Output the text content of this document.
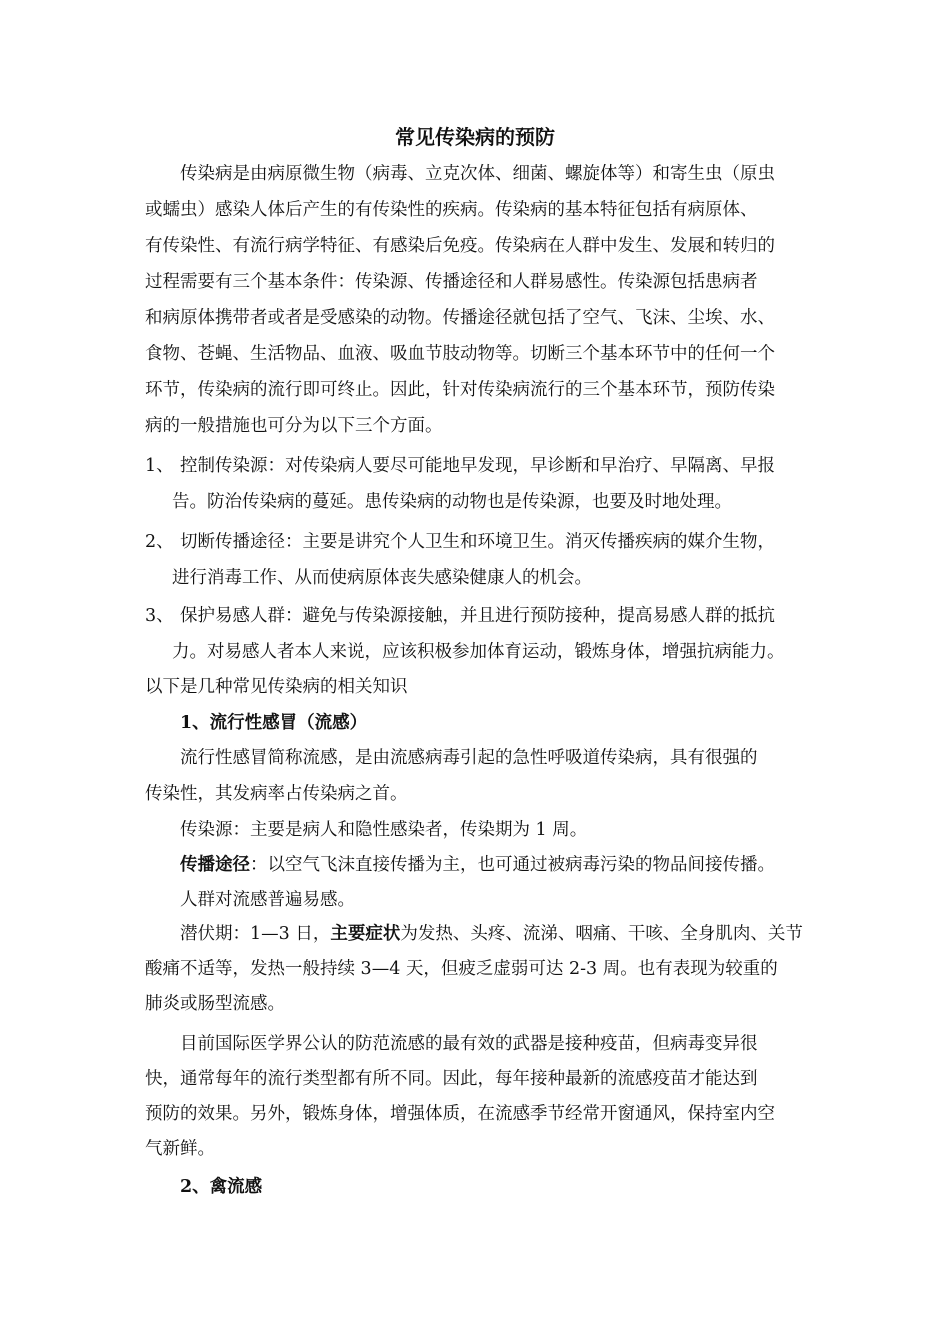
常见传染病的预防
传染病是由病原微生物（病毒、立克次体、细菌、螺旋体等）和寄生虫（原虫
或蠕虫）感染人体后产生的有传染性的疾病。传染病的基本特征包括有病原体、
有传染性、有流行病学特征、有感染后免疫。传染病在人群中发生、发展和转归的
过程需要有三个基本条件：传染源、传播途径和人群易感性。传染源包括患病者
和病原体携带者或者是受感染的动物。传播途径就包括了空气、飞沫、尘埃、水、
食物、苍蝇、生活物品、血液、吸血节肢动物等。切断三个基本环节中的任何一个
环节，传染病的流行即可终止。因此，针对传染病流行的三个基本环节，预防传染
病的一般措施也可分为以下三个方面。
1、 控制传染源：对传染病人要尽可能地早发现，早诊断和早治疗、早隔离、早报
告。防治传染病的蔓延。患传染病的动物也是传染源，也要及时地处理。
2、 切断传播途径：主要是讲究个人卫生和环境卫生。消灭传播疾病的媒介生物，
进行消毒工作、从而使病原体丧失感染健康人的机会。
3、 保护易感人群：避免与传染源接触，并且进行预防接种，提高易感人群的抵抗
力。对易感人者本人来说，应该积极参加体育运动，锻炼身体，增强抗病能力。
以下是几种常见传染病的相关知识
1、流行性感冒（流感）
流行性感冒简称流感，是由流感病毒引起的急性呼吸道传染病，具有很强的
传染性，其发病率占传染病之首。
传染源：主要是病人和隐性感染者，传染期为 1 周。
传播途径：以空气飞沫直接传播为主，也可通过被病毒污染的物品间接传播。
人群对流感普遍易感。
潜伏期：1—3 日，主要症状为发热、头疼、流涕、咽痛、干咳、全身肌肉、关节
酸痛不适等，发热一般持续 3—4 天，但疲乏虚弱可达 2-3 周。也有表现为较重的
肺炎或肠型流感。
目前国际医学界公认的防范流感的最有效的武器是接种疫苗，但病毒变异很
快，通常每年的流行类型都有所不同。因此，每年接种最新的流感疫苗才能达到
预防的效果。另外，锻炼身体，增强体质，在流感季节经常开窗通风，保持室内空
气新鲜。
2、禽流感
